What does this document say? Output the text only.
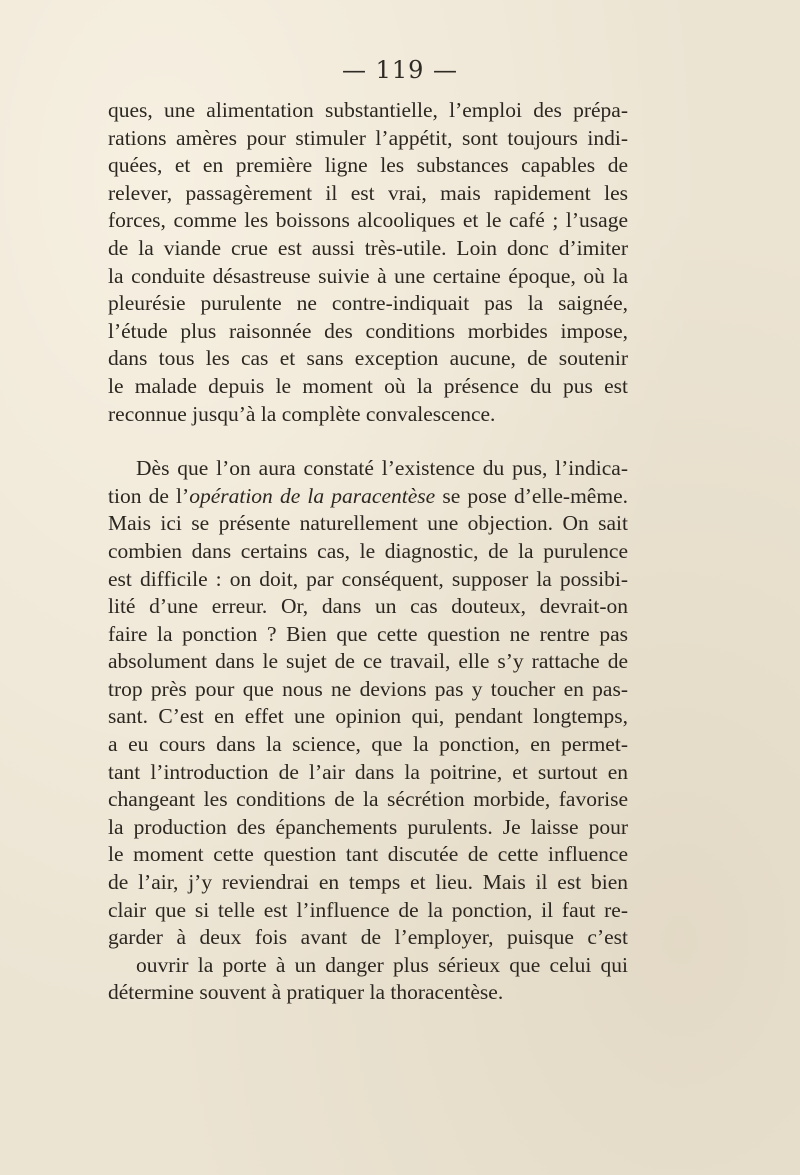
— 119 —
ques, une alimentation substantielle, l’emploi des prépa-
rations amères pour stimuler l’appétit, sont toujours indi-
quées, et en première ligne les substances capables de
relever, passagèrement il est vrai, mais rapidement les
forces, comme les boissons alcooliques et le café ; l’usage
de la viande crue est aussi très-utile. Loin donc d’imiter
la conduite désastreuse suivie à une certaine époque, où la
pleurésie purulente ne contre-indiquait pas la saignée,
l’étude plus raisonnée des conditions morbides impose,
dans tous les cas et sans exception aucune, de soutenir
le malade depuis le moment où la présence du pus est
reconnue jusqu’à la complète convalescence.
Dès que l’on aura constaté l’existence du pus, l’indica-
tion de l’opération de la paracentèse se pose d’elle-même.
Mais ici se présente naturellement une objection. On sait
combien dans certains cas, le diagnostic, de la purulence
est difficile : on doit, par conséquent, supposer la possibi-
lité d’une erreur. Or, dans un cas douteux, devrait-on
faire la ponction ? Bien que cette question ne rentre pas
absolument dans le sujet de ce travail, elle s’y rattache de
trop près pour que nous ne devions pas y toucher en pas-
sant. C’est en effet une opinion qui, pendant longtemps,
a eu cours dans la science, que la ponction, en permet-
tant l’introduction de l’air dans la poitrine, et surtout en
changeant les conditions de la sécrétion morbide, favorise
la production des épanchements purulents. Je laisse pour
le moment cette question tant discutée de cette influence
de l’air, j’y reviendrai en temps et lieu. Mais il est bien
clair que si telle est l’influence de la ponction, il faut re-
garder à deux fois avant de l’employer, puisque c’est
ouvrir la porte à un danger plus sérieux que celui qui
détermine souvent à pratiquer la thoracentèse.
